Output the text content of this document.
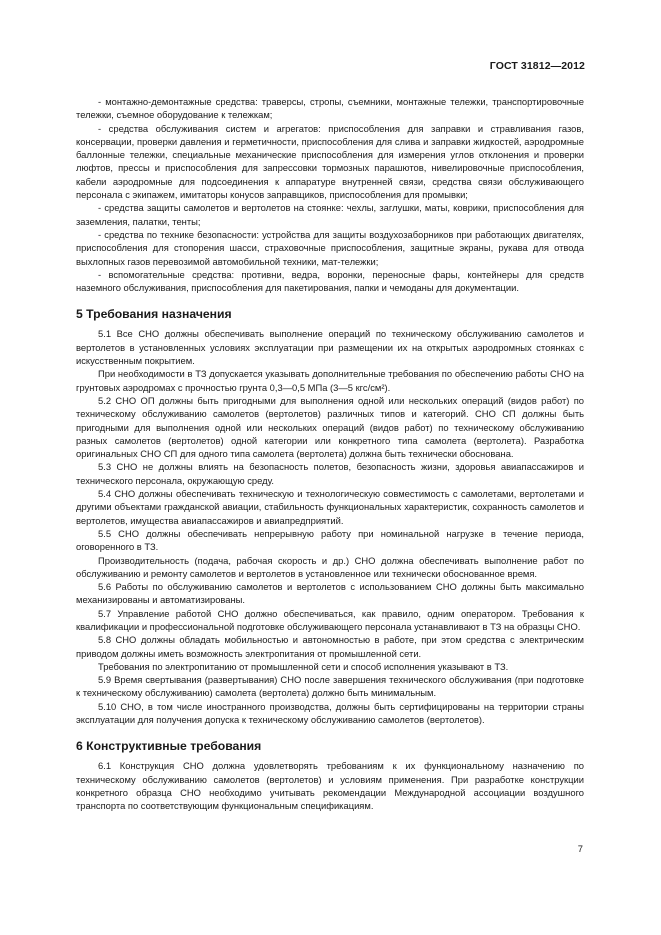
ГОСТ 31812—2012

- монтажно-демонтажные средства: траверсы, стропы, съемники, монтажные тележки, транспортировочные тележки, съемное оборудование к тележкам;

- средства обслуживания систем и агрегатов: приспособления для заправки и стравливания газов, консервации, проверки давления и герметичности, приспособления для слива и заправки жидкостей, аэродромные баллонные тележки, специальные механические приспособления для измерения углов отклонения и проверки люфтов, прессы и приспособления для запрессовки тормозных парашютов, нивелировочные приспособления, кабели аэродромные для подсоединения к аппаратуре внутренней связи, средства связи обслуживающего персонала с экипажем, имитаторы конусов заправщиков, приспособления для промывки;

- средства защиты самолетов и вертолетов на стоянке: чехлы, заглушки, маты, коврики, приспособления для заземления, палатки, тенты;

- средства по технике безопасности: устройства для защиты воздухозаборников при работающих двигателях, приспособления для стопорения шасси, страховочные приспособления, защитные экраны, рукава для отвода выхлопных газов перевозимой автомобильной техники, мат-тележки;

- вспомогательные средства: противни, ведра, воронки, переносные фары, контейнеры для средств наземного обслуживания, приспособления для пакетирования, папки и чемоданы для документации.

5 Требования назначения

5.1 Все СНО должны обеспечивать выполнение операций по техническому обслуживанию самолетов и вертолетов в установленных условиях эксплуатации при размещении их на открытых аэродромных стоянках с искусственным покрытием.

При необходимости в ТЗ допускается указывать дополнительные требования по обеспечению работы СНО на грунтовых аэродромах с прочностью грунта 0,3—0,5 МПа (3—5 кгс/см²).

5.2 СНО ОП должны быть пригодными для выполнения одной или нескольких операций (видов работ) по техническому обслуживанию самолетов (вертолетов) различных типов и категорий. СНО СП должны быть пригодными для выполнения одной или нескольких операций (видов работ) по техническому обслуживанию разных самолетов (вертолетов) одной категории или конкретного типа самолета (вертолета). Разработка оригинальных СНО СП для одного типа самолета (вертолета) должна быть технически обоснована.

5.3 СНО не должны влиять на безопасность полетов, безопасность жизни, здоровья авиапассажиров и технического персонала, окружающую среду.

5.4 СНО должны обеспечивать техническую и технологическую совместимость с самолетами, вертолетами и другими объектами гражданской авиации, стабильность функциональных характеристик, сохранность самолетов и вертолетов, имущества авиапассажиров и авиапредприятий.

5.5 СНО должны обеспечивать непрерывную работу при номинальной нагрузке в течение периода, оговоренного в ТЗ.

Производительность (подача, рабочая скорость и др.) СНО должна обеспечивать выполнение работ по обслуживанию и ремонту самолетов и вертолетов в установленное или технически обоснованное время.

5.6 Работы по обслуживанию самолетов и вертолетов с использованием СНО должны быть максимально механизированы и автоматизированы.

5.7 Управление работой СНО должно обеспечиваться, как правило, одним оператором. Требования к квалификации и профессиональной подготовке обслуживающего персонала устанавливают в ТЗ на образцы СНО.

5.8 СНО должны обладать мобильностью и автономностью в работе, при этом средства с электрическим приводом должны иметь возможность электропитания от промышленной сети.

Требования по электропитанию от промышленной сети и способ исполнения указывают в ТЗ.

5.9 Время свертывания (развертывания) СНО после завершения технического обслуживания (при подготовке к техническому обслуживанию) самолета (вертолета) должно быть минимальным.

5.10 СНО, в том числе иностранного производства, должны быть сертифицированы на территории страны эксплуатации для получения допуска к техническому обслуживанию самолетов (вертолетов).

6 Конструктивные требования

6.1 Конструкция СНО должна удовлетворять требованиям к их функциональному назначению по техническому обслуживанию самолетов (вертолетов) и условиям применения. При разработке конструкции конкретного образца СНО необходимо учитывать рекомендации Международной ассоциации воздушного транспорта по соответствующим функциональным спецификациям.

7
